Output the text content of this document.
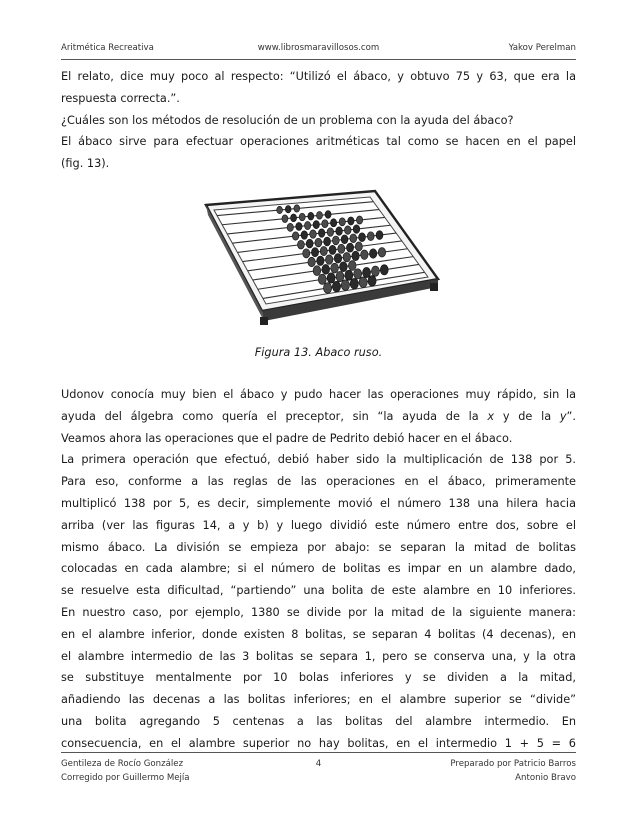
Aritmética Recreativa	www.librosmaravillosos.com	Yakov Perelman

El relato, dice muy poco al respecto: “Utilizó el ábaco, y obtuvo 75 y 63, que era la

respuesta correcta.”.

¿Cuáles son los métodos de resolución de un problema con la ayuda del ábaco?

El ábaco sirve para efectuar operaciones aritméticas tal como se hacen en el papel

(fig. 13).

Figura 13. Abaco ruso.

Udonov conocía muy bien el ábaco y pudo hacer las operaciones muy rápido, sin la

ayuda del álgebra como quería el preceptor, sin “la ayuda de la x y de la y”.

Veamos ahora las operaciones que el padre de Pedrito debió hacer en el ábaco.

La primera operación que efectuó, debió haber sido la multiplicación de 138 por 5.

Para eso, conforme a las reglas de las operaciones en el ábaco, primeramente

multiplicó 138 por 5, es decir, simplemente movió el número 138 una hilera hacia

arriba (ver las figuras 14, a y b) y luego dividió este número entre dos, sobre el

mismo ábaco. La división se empieza por abajo: se separan la mitad de bolitas

colocadas en cada alambre; si el número de bolitas es impar en un alambre dado,

se resuelve esta dificultad, “partiendo” una bolita de este alambre en 10 inferiores.

En nuestro caso, por ejemplo, 1380 se divide por la mitad de la siguiente manera:

en el alambre inferior, donde existen 8 bolitas, se separan 4 bolitas (4 decenas), en

el alambre intermedio de las 3 bolitas se separa 1, pero se conserva una, y la otra

se substituye mentalmente por 10 bolas inferiores y se dividen a la mitad,

añadiendo las decenas a las bolitas inferiores; en el alambre superior se “divide”

una bolita agregando 5 centenas a las bolitas del alambre intermedio. En

consecuencia, en el alambre superior no hay bolitas, en el intermedio 1 + 5 = 6

Gentileza de Rocío González
Corregido por Guillermo Mejía
4	Preparado por Patricio Barros
Antonio Bravo
